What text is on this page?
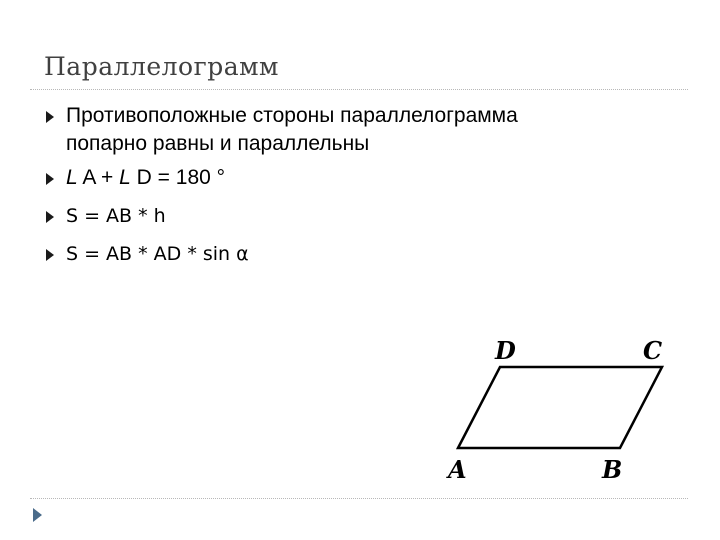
Параллелограмм
Противоположные стороны параллелограмма
попарно равны и параллельны
L A + L D = 180 °
S = AB * h
S = AB * AD * sin α
D	C
A	B
